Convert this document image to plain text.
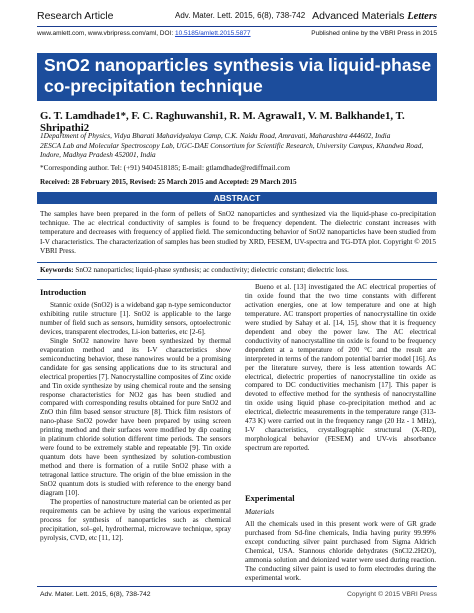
Research Article	Adv. Mater. Lett. 2015, 6(8), 738-742 Advanced Materials Letters
www.amlett.com, www.vbripress.com/aml, DOI: 10.5185/amlett.2015.5877	Published online by the VBRI Press in 2015
SnO2 nanoparticles synthesis via liquid-phase co-precipitation technique
G. T. Lamdhade1*, F. C. Raghuwanshi1, R. M. Agrawal1, V. M. Balkhande1, T. Shripathi2
1Department of Physics, Vidya Bharati Mahavidyalaya Camp, C.K. Naidu Road, Amravati, Maharashtra 444602, India
2ESCA Lab and Molecular Spectroscopy Lab, UGC-DAE Consortium for Scientific Research, University Campus, Khandwa Road, Indore, Madhya Pradesh 452001, India
*Corresponding author. Tel: (+91) 9404518185; E-mail: gtlamdhade@rediffmail.com
Received: 28 February 2015, Revised: 25 March 2015 and Accepted: 29 March 2015
ABSTRACT
The samples have been prepared in the form of pellets of SnO2 nanoparticles and synthesized via the liquid-phase co-precipitation technique. The ac electrical conductivity of samples is found to be frequency dependent. The dielectric constant increases with temperature and decreases with frequency of applied field. The semiconducting behavior of SnO2 nanoparticles have been studied from I-V characteristics. The characterization of samples has been studied by XRD, FESEM, UV-spectra and TG-DTA plot. Copyright © 2015 VBRI Press.
Keywords: SnO2 nanoparticles; liquid-phase synthesis; ac conductivity; dielectric constant; dielectric loss.
Introduction
Stannic oxide (SnO2) is a wideband gap n-type semiconductor exhibiting rutile structure [1]. SnO2 is applicable to the large number of field such as sensors, humidity sensors, optoelectronic devices, transparent electrodes, Li-ion batteries, etc [2-6].
Single SnO2 nanowire have been synthesized by thermal evaporation method and its I-V characteristics show semiconducting behavior, these nanowires would be a promising candidate for gas sensing applications due to its structural and electrical properties [7]. Nanocrystalline composites of Zinc oxide and Tin oxide synthesize by using chemical route and the sensing response characteristics for NO2 gas has been studied and compared with corresponding results obtained for pure SnO2 and ZnO thin film based sensor structure [8]. Thick film resistors of nano-phase SnO2 powder have been prepared by using screen printing method and their surfaces were modified by dip coating in platinum chloride solution different time periods. The sensors were found to be extremely stable and repeatable [9]. Tin oxide quantum dots have been synthesized by solution-combustion method and there is formation of a rutile SnO2 phase with a tetragonal lattice structure. The origin of the blue emission in the SnO2 quantum dots is studied with reference to the energy band diagram [10].
The properties of nanostructure material can be oriented as per requirements can be achieve by using the various experimental process for synthesis of nanoparticles such as chemical precipitation, sol–gel, hydrothermal, microwave technique, spray pyrolysis, CVD, etc [11, 12].
Bueno et al. [13] investigated the AC electrical properties of tin oxide found that the two time constants with different activation energies, one at low temperature and one at high temperature. AC transport properties of nanocrystalline tin oxide were studied by Sahay et al. [14, 15], show that it is frequency dependent and obey the power law. The AC electrical conductivity of nanocrystalline tin oxide is found to be frequency dependent at a temperature of 200 °C and the result are interpreted in terms of the random potential barrier model [16]. As per the literature survey, there is less attention towards AC electrical, dielectric properties of nanocrystalline tin oxide as compared to DC conductivities mechanism [17]. This paper is devoted to effective method for the synthesis of nanocrystalline tin oxide using liquid phase co-precipitation method and ac electrical, dielectric measurements in the temperature range (313-473 K) were carried out in the frequency range (20 Hz - 1 MHz), I-V characteristics, crystallographic structural (X-RD), morphological behavior (FESEM) and UV-vis absorbance spectrum are reported.
Experimental
Materials
All the chemicals used in this present work were of GR grade purchased from Sd-fine chemicals, India having purity 99.99% except conducting silver paint purchased from Sigma Aldrich Chemical, USA. Stannous chloride dehydrates (SnCl2.2H2O), ammonia solution and deionized water were used during reaction. The conducting silver paint is used to form electrodes during the experimental work.
Adv. Mater. Lett. 2015, 6(8), 738-742	Copyright © 2015 VBRI Press
